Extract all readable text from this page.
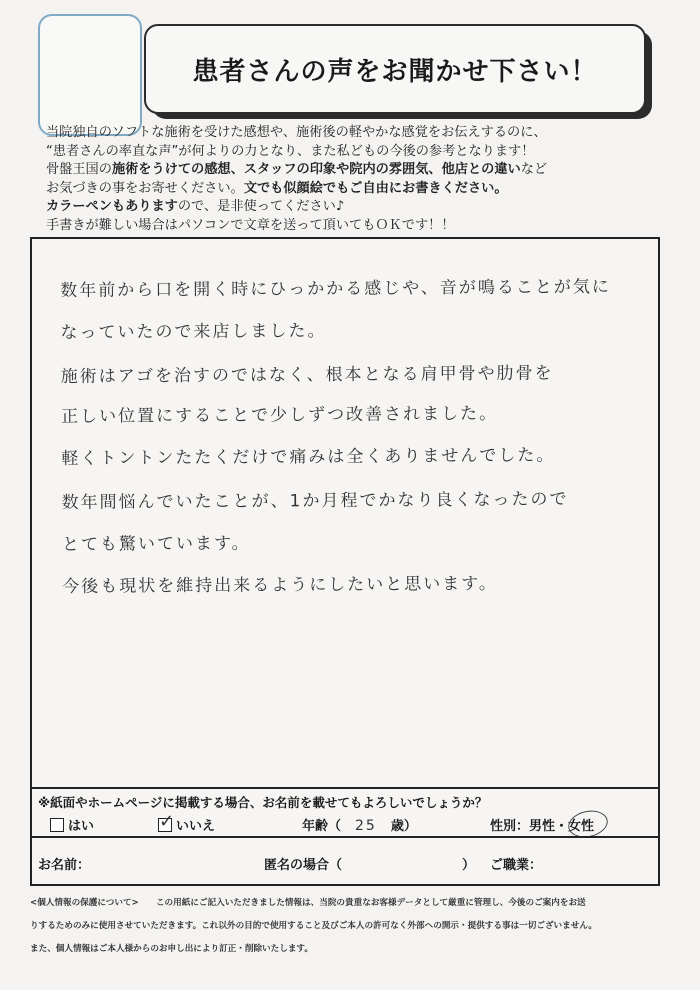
患者さんの声をお聞かせ下さい！
当院独自のソフトな施術を受けた感想や、施術後の軽やかな感覚をお伝えするのに、
“患者さんの率直な声”が何よりの力となり、また私どもの今後の参考となります！
骨盤王国の施術をうけての感想、スタッフの印象や院内の雰囲気、他店との違いなど
お気づきの事をお寄せください。文でも似顔絵でもご自由にお書きください。
カラーペンもありますので、是非使ってください♪
手書きが難しい場合はパソコンで文章を送って頂いてもＯＫです！！
数年前から口を開く時にひっかかる感じや、音が鳴ることが気に
なっていたので来店しました。
施術はアゴを治すのではなく、根本となる肩甲骨や肋骨を
正しい位置にすることで少しずつ改善されました。
軽くトントンたたくだけで痛みは全くありませんでした。
数年間悩んでいたことが、1か月程でかなり良くなったので
とても驚いています。
今後も現状を維持出来るようにしたいと思います。
※紙面やホームページに掲載する場合、お名前を載せてもよろしいでしょうか？
はい	✓ いいえ	年齢（ 25 歳）	性別：男性・女性
お名前：	匿名の場合（	） ご職業：
<個人情報の保護について>　　この用紙にご記入いただきました情報は、当院の貴重なお客様データとして厳重に管理し、今後のご案内をお送
りするためのみに使用させていただきます。これ以外の目的で使用すること及びご本人の許可なく外部への開示・提供する事は一切ございません。
また、個人情報はご本人様からのお申し出により訂正・削除いたします。
